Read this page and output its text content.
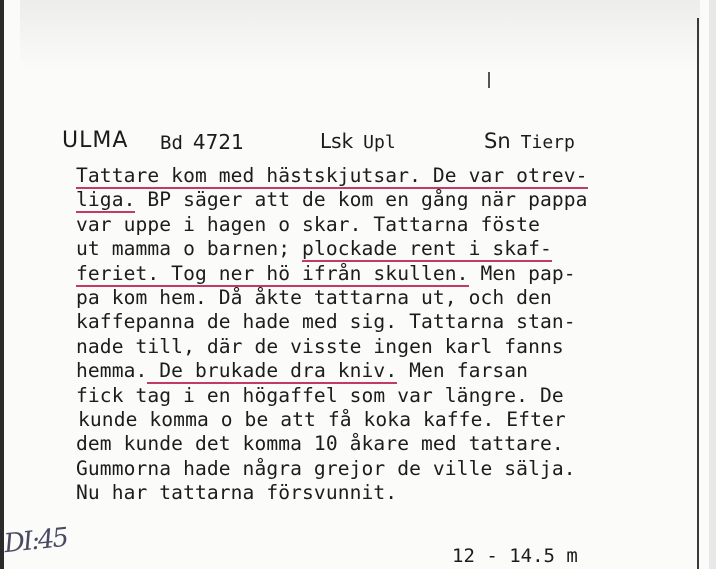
ULMA Bd 4721	Lsk Upl	Sn Tierp
Tattare kom med hästskjutsar. De var otrev-
liga. BP säger att de kom en gång när pappa
var uppe i hagen o skar. Tattarna föste
ut mamma o barnen; plockade rent i skaf-
feriet. Tog ner hö ifrån skullen. Men pap-
pa kom hem. Då åkte tattarna ut, och den
kaffepanna de hade med sig. Tattarna stan-
nade till, där de visste ingen karl fanns
hemma. De brukade dra kniv. Men farsan
fick tag i en högaffel som var längre. De
kunde komma o be att få koka kaffe. Efter
dem kunde det komma 10 åkare med tattare.
Gummorna hade några grejor de ville sälja.
Nu har tattarna försvunnit.
12 - 14.5 m
DI:45
